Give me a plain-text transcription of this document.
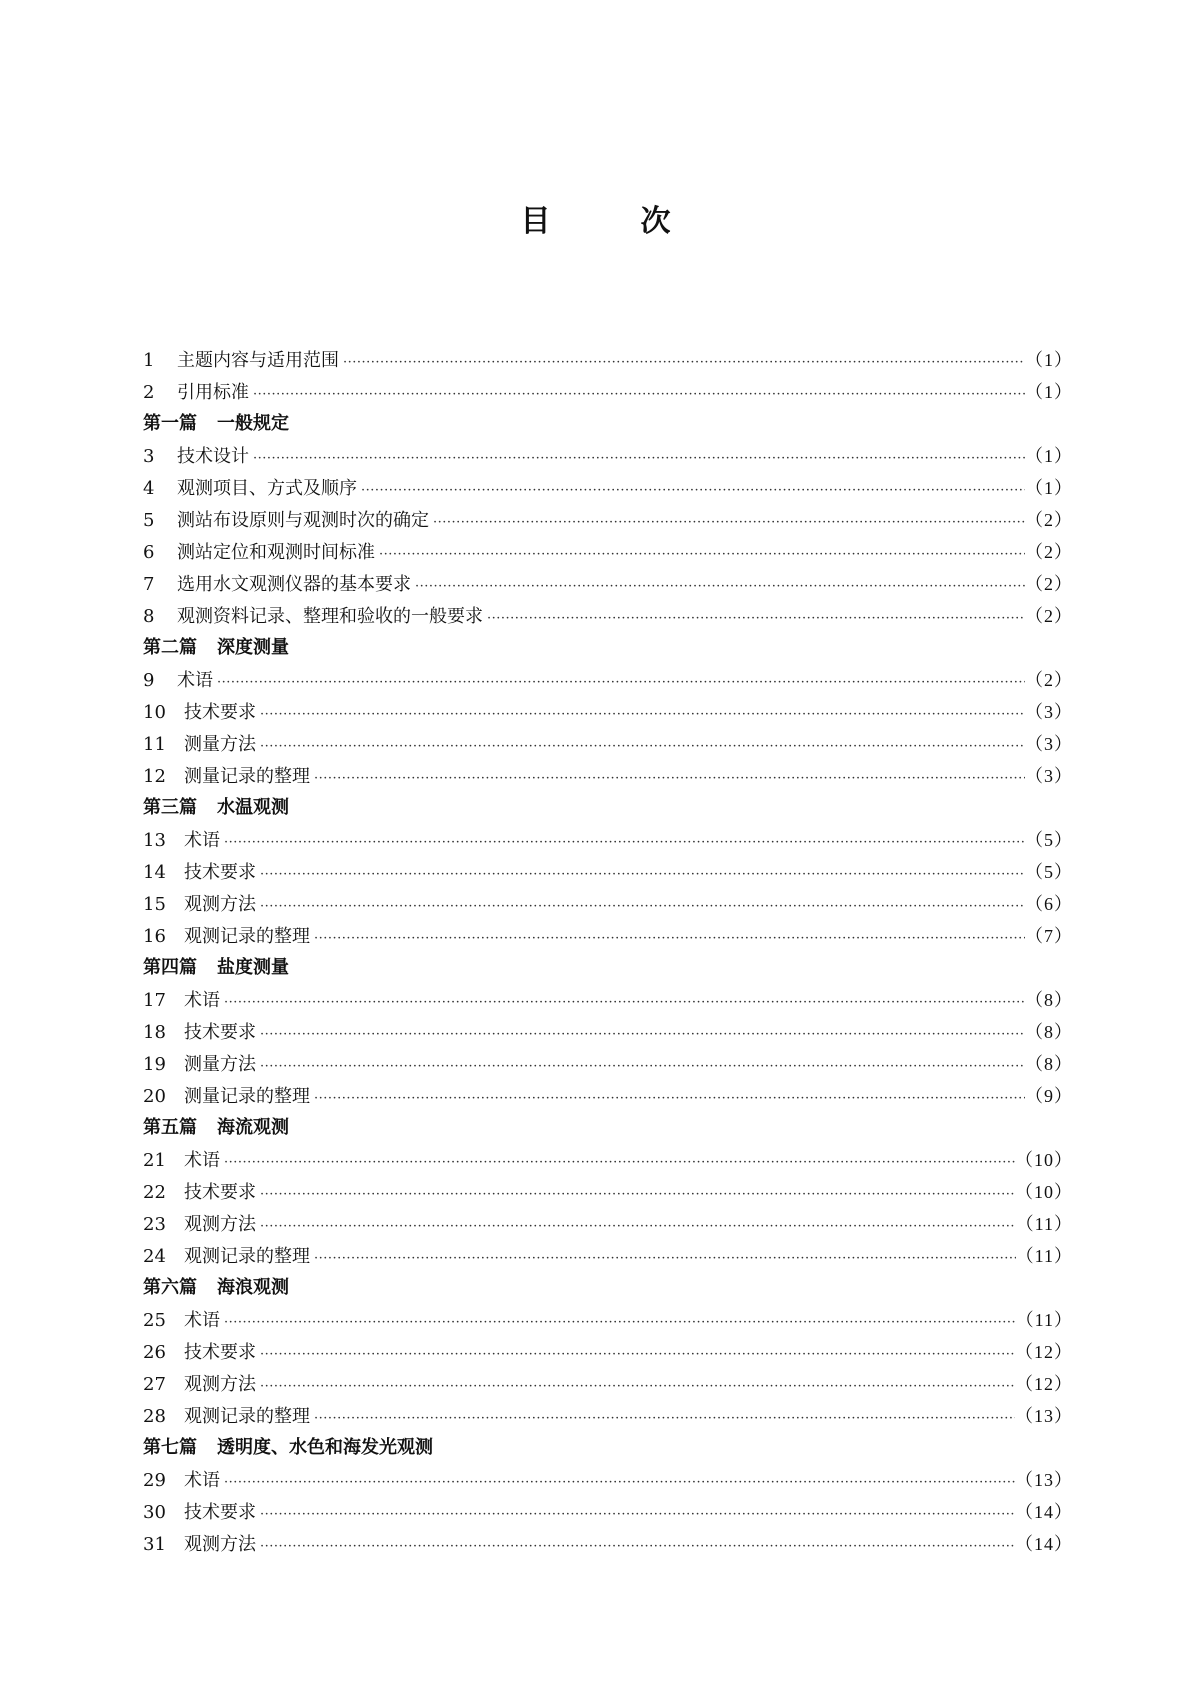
目	次
1	主题内容与适用范围 ·····	（1）
2	引用标准 ·····	（1）
第一篇 一般规定
3	技术设计 ·····	（1）
4	观测项目、方式及顺序 ·····	（1）
5	测站布设原则与观测时次的确定 ·····	（2）
6	测站定位和观测时间标准 ·····	（2）
7	选用水文观测仪器的基本要求 ·····	（2）
8	观测资料记录、整理和验收的一般要求 ·····	（2）
第二篇 深度测量
9	术语 ·····	（2）
10	技术要求 ·····	（3）
11	测量方法 ·····	（3）
12	测量记录的整理 ·····	（3）
第三篇 水温观测
13	术语 ·····	（5）
14	技术要求 ·····	（5）
15	观测方法 ·····	（6）
16	观测记录的整理 ·····	（7）
第四篇 盐度测量
17	术语 ·····	（8）
18	技术要求 ·····	（8）
19	测量方法 ·····	（8）
20	测量记录的整理 ·····	（9）
第五篇 海流观测
21	术语 ·····	（10）
22	技术要求 ·····	（10）
23	观测方法 ·····	（11）
24	观测记录的整理 ·····	（11）
第六篇 海浪观测
25	术语 ·····	（11）
26	技术要求 ·····	（12）
27	观测方法 ·····	（12）
28	观测记录的整理 ·····	（13）
第七篇 透明度、水色和海发光观测
29	术语 ·····	（13）
30	技术要求 ·····	（14）
31	观测方法 ·····	（14）
